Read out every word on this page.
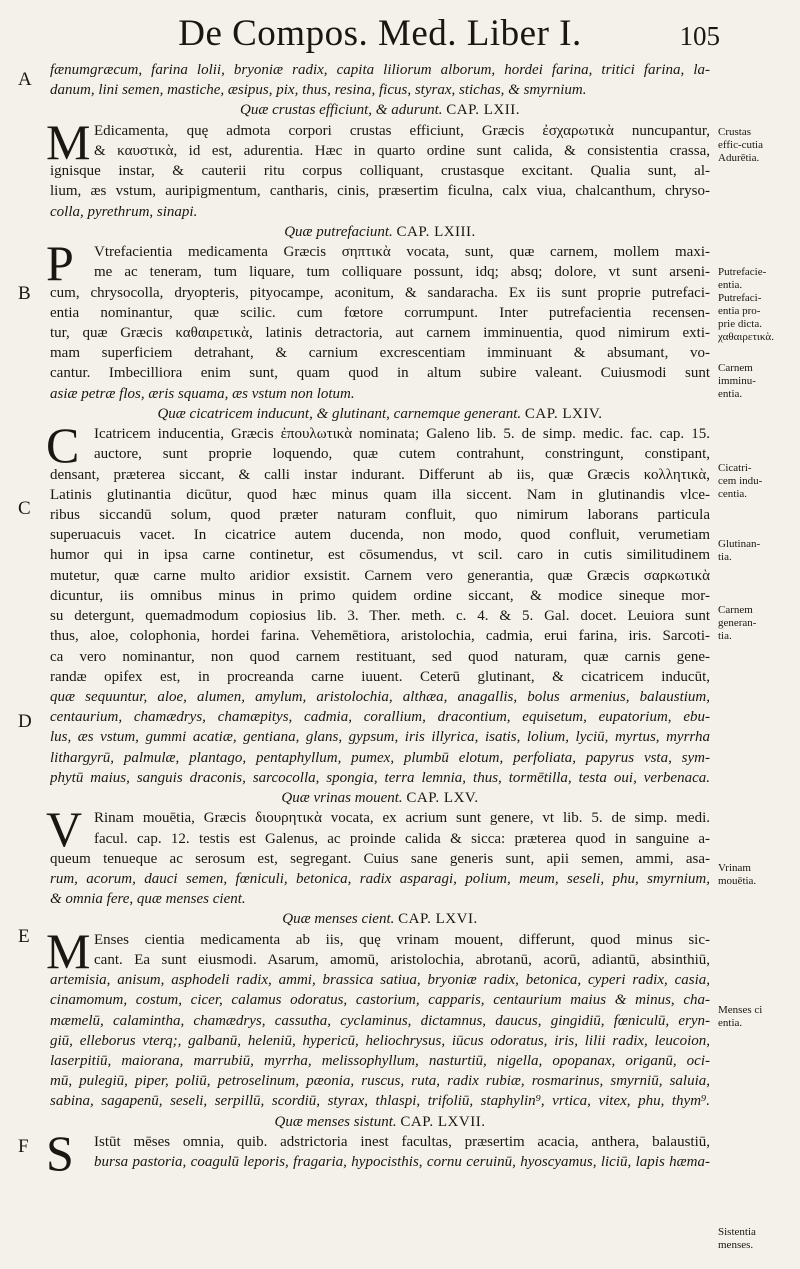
De Compos. Med. Liber I.	105
fænumgræcum, farina lolii, bryoniæ radix, capita liliorum alborum, hordei farina, tritici farina, la-
danum, lini semen, mastiche, æsipus, pix, thus, resina, ficus, styrax, stichas, & smyrnium.
Quæ crustas efficiunt, & adurunt. CAP. LXII.
M Edicamenta, quę admota corpori crustas efficiunt, Græcis ἐσχαρωτικὰ nuncupantur,
& καυστικὰ, id est, adurentia. Hæc in quarto ordine sunt calida, & consistentia crassa,
ignisque instar, & cauterii ritu corpus colliquant, crustasque excitant. Qualia sunt, al-
lium, æs vstum, auripigmentum, cantharis, cinis, præsertim ficulna, calx viua, chalcanthum, chryso-
colla, pyrethrum, sinapi.
Quæ putrefaciunt. CAP. LXIII.
P	Vtrefacientia medicamenta Græcis σηπτικὰ vocata, sunt, quæ carnem, mollem maxi-
me ac teneram, tum liquare, tum colliquare possunt, idq; absq; dolore, vt sunt arseni-
cum, chrysocolla, dryopteris, pityocampe, aconitum, & sandaracha. Ex iis sunt proprie putrefaci-
entia nominantur, quæ scilic. cum fœtore corrumpunt. Inter putrefacientia recensen-
tur, quæ Græcis καθαιρετικὰ, latinis detractoria, aut carnem imminuentia, quod nimirum exti-
mam superficiem detrahant, & carnium excrescentiam imminuant & absumant, vo-
cantur. Imbecilliora enim sunt, quam quod in altum subire valeant. Cuiusmodi sunt
asiæ petræ flos, æris squama, æs vstum non lotum.
Quæ cicatricem inducunt, & glutinant, carnemque generant. CAP. LXIV.
C Icatricem inducentia, Græcis ἐπουλωτικὰ nominata; Galeno lib. 5. de simp. medic. fac. cap. 15.
auctore, sunt proprie loquendo, quæ cutem contrahunt, constringunt, constipant,
densant, præterea siccant, & calli instar indurant. Differunt ab iis, quæ Græcis κολλητικὰ,
Latinis glutinantia dicūtur, quod hæc minus quam illa siccent. Nam in glutinandis vlce-
ribus siccandū solum, quod præter naturam confluit, quo nimirum laborans particula
superuacuis vacet. In cicatrice autem ducenda, non modo, quod confluit, verumetiam
humor qui in ipsa carne continetur, est cōsumendus, vt scil. caro in cutis similitudinem
mutetur, quæ carne multo aridior exsistit. Carnem vero generantia, quæ Græcis σαρκωτικὰ
dicuntur, iis omnibus minus in primo quidem ordine siccant, & modice sineque mor-
su detergunt, quemadmodum copiosius lib. 3. Ther. meth. c. 4. & 5. Gal. docet. Leuiora sunt
thus, aloe, colophonia, hordei farina. Vehemētiora, aristolochia, cadmia, erui farina, iris. Sarcoti-
ca vero nominantur, non quod carnem restituant, sed quod naturam, quæ carnis gene-
randæ opifex est, in procreanda carne iuuent. Ceterū glutinant, & cicatricem inducūt,
quæ sequuntur, aloe, alumen, amylum, aristolochia, althæa, anagallis, bolus armenius, balaustium,
centaurium, chamædrys, chamæpitys, cadmia, corallium, dracontium, equisetum, eupatorium, ebu-
lus, æs vstum, gummi acatiæ, gentiana, glans, gypsum, iris illyrica, isatis, lolium, lyciū, myrtus, myrrha
lithargyrū, palmulæ, plantago, pentaphyllum, pumex, plumbū elotum, perfoliata, papyrus vsta, sym-
phytū maius, sanguis draconis, sarcocolla, spongia, terra lemnia, thus, tormētilla, testa oui, verbenaca.
Quæ vrinas mouent. CAP. LXV.
V Rinam mouētia, Græcis διουρητικὰ vocata, ex acrium sunt genere, vt lib. 5. de simp. medi.
facul. cap. 12. testis est Galenus, ac proinde calida & sicca: præterea quod in sanguine a-
queum tenueque ac serosum est, segregant. Cuius sane generis sunt, apii semen, ammi, asa-
rum, acorum, dauci semen, fœniculi, betonica, radix asparagi, polium, meum, seseli, phu, smyrnium,
& omnia fere, quæ menses cient.
Quæ menses cient. CAP. LXVI.
M Enses cientia medicamenta ab iis, quę vrinam mouent, differunt, quod minus sic-
cant. Ea sunt eiusmodi. Asarum, amomū, aristolochia, abrotanū, acorū, adiantū, absinthiū,
artemisia, anisum, asphodeli radix, ammi, brassica satiua, bryoniæ radix, betonica, cyperi radix, casia,
cinamomum, costum, cicer, calamus odoratus, castorium, capparis, centaurium maius & minus, cha-
mæmelū, calamintha, chamædrys, cassutha, cyclaminus, dictamnus, daucus, gingidiū, fœniculū, eryn-
giū, elleborus vterq;, galbanū, heleniū, hypericū, heliochrysus, iūcus odoratus, iris, lilii radix, leucoion,
laserpitiū, maiorana, marrubiū, myrrha, melissophyllum, nasturtiū, nigella, opopanax, origanū, oci-
mū, pulegiū, piper, poliū, petroselinum, pæonia, ruscus, ruta, radix rubiæ, rosmarinus, smyrniū, saluia,
sabina, sagapenū, seseli, serpillū, scordiū, styrax, thlaspi, trifoliū, staphylin⁹, vrtica, vitex, phu, thym⁹.
Quæ menses sistunt. CAP. LXVII.
S	Istūt mēses omnia, quib. adstrictoria inest facultas, præsertim acacia, anthera, balaustiū,
bursa pastoria, coagulū leporis, fragaria, hypocisthis, cornu ceruinū, hyoscyamus, liciū, lapis hæma-
A
B
C
D
E
F
Crustas
effic-cutia
Adurētia.
Putrefacie-
entia.
Putrefaci-
entia pro-
prie dicta.
χαθαιρετικὰ.
Carnem
imminu-
entia.
Cicatri-
cem indu-
centia.
Glutinan-
tia.
Carnem
generan-
tia.
Vrinam
mouētia.
Menses ci
entia.
Sistentia
menses.
